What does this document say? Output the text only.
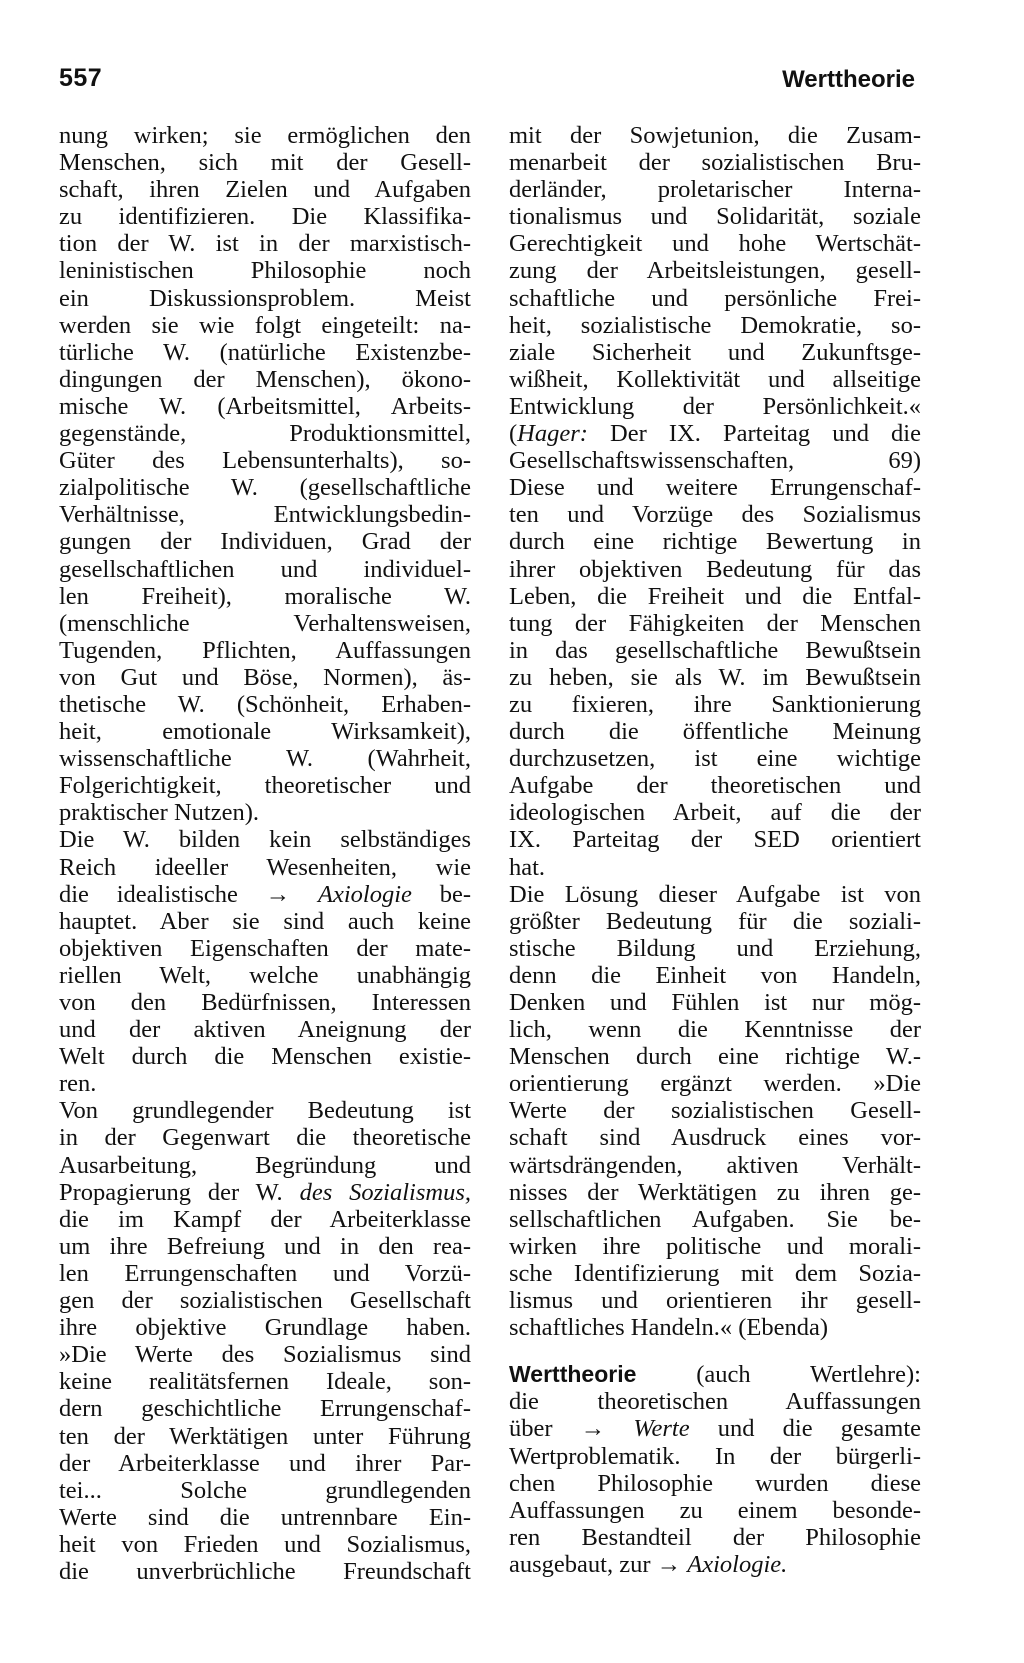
557	Werttheorie
nung wirken; sie ermöglichen den
Menschen, sich mit der Gesell-
schaft, ihren Zielen und Aufgaben
zu identifizieren. Die Klassifika-
tion der W. ist in der marxistisch-
leninistischen Philosophie noch
ein Diskussionsproblem. Meist
werden sie wie folgt eingeteilt: na-
türliche W. (natürliche Existenzbe-
dingungen der Menschen), ökono-
mische W. (Arbeitsmittel, Arbeits-
gegenstände, Produktionsmittel,
Güter des Lebensunterhalts), so-
zialpolitische W. (gesellschaftliche
Verhältnisse, Entwicklungsbedin-
gungen der Individuen, Grad der
gesellschaftlichen und individuel-
len Freiheit), moralische W.
(menschliche Verhaltensweisen,
Tugenden, Pflichten, Auffassungen
von Gut und Böse, Normen), äs-
thetische W. (Schönheit, Erhaben-
heit, emotionale Wirksamkeit),
wissenschaftliche W. (Wahrheit,
Folgerichtigkeit, theoretischer und
praktischer Nutzen).
Die W. bilden kein selbständiges
Reich ideeller Wesenheiten, wie
die idealistische → Axiologie be-
hauptet. Aber sie sind auch keine
objektiven Eigenschaften der mate-
riellen Welt, welche unabhängig
von den Bedürfnissen, Interessen
und der aktiven Aneignung der
Welt durch die Menschen existie-
ren.
Von grundlegender Bedeutung ist
in der Gegenwart die theoretische
Ausarbeitung, Begründung und
Propagierung der W. des Sozialismus,
die im Kampf der Arbeiterklasse
um ihre Befreiung und in den rea-
len Errungenschaften und Vorzü-
gen der sozialistischen Gesellschaft
ihre objektive Grundlage haben.
»Die Werte des Sozialismus sind
keine realitätsfernen Ideale, son-
dern geschichtliche Errungenschaf-
ten der Werktätigen unter Führung
der Arbeiterklasse und ihrer Par-
tei... Solche grundlegenden
Werte sind die untrennbare Ein-
heit von Frieden und Sozialismus,
die unverbrüchliche Freundschaft
mit der Sowjetunion, die Zusam-
menarbeit der sozialistischen Bru-
derländer, proletarischer Interna-
tionalismus und Solidarität, soziale
Gerechtigkeit und hohe Wertschät-
zung der Arbeitsleistungen, gesell-
schaftliche und persönliche Frei-
heit, sozialistische Demokratie, so-
ziale Sicherheit und Zukunftsge-
wißheit, Kollektivität und allseitige
Entwicklung der Persönlichkeit.«
(Hager: Der IX. Parteitag und die
Gesellschaftswissenschaften, 69)
Diese und weitere Errungenschaf-
ten und Vorzüge des Sozialismus
durch eine richtige Bewertung in
ihrer objektiven Bedeutung für das
Leben, die Freiheit und die Entfal-
tung der Fähigkeiten der Menschen
in das gesellschaftliche Bewußtsein
zu heben, sie als W. im Bewußtsein
zu fixieren, ihre Sanktionierung
durch die öffentliche Meinung
durchzusetzen, ist eine wichtige
Aufgabe der theoretischen und
ideologischen Arbeit, auf die der
IX. Parteitag der SED orientiert
hat.
Die Lösung dieser Aufgabe ist von
größter Bedeutung für die soziali-
stische Bildung und Erziehung,
denn die Einheit von Handeln,
Denken und Fühlen ist nur mög-
lich, wenn die Kenntnisse der
Menschen durch eine richtige W.-
orientierung ergänzt werden. »Die
Werte der sozialistischen Gesell-
schaft sind Ausdruck eines vor-
wärtsdrängenden, aktiven Verhält-
nisses der Werktätigen zu ihren ge-
sellschaftlichen Aufgaben. Sie be-
wirken ihre politische und morali-
sche Identifizierung mit dem Sozia-
lismus und orientieren ihr gesell-
schaftliches Handeln.« (Ebenda)
Werttheorie (auch Wertlehre):
die theoretischen Auffassungen
über → Werte und die gesamte
Wertproblematik. In der bürgerli-
chen Philosophie wurden diese
Auffassungen zu einem besonde-
ren Bestandteil der Philosophie
ausgebaut, zur → Axiologie.
